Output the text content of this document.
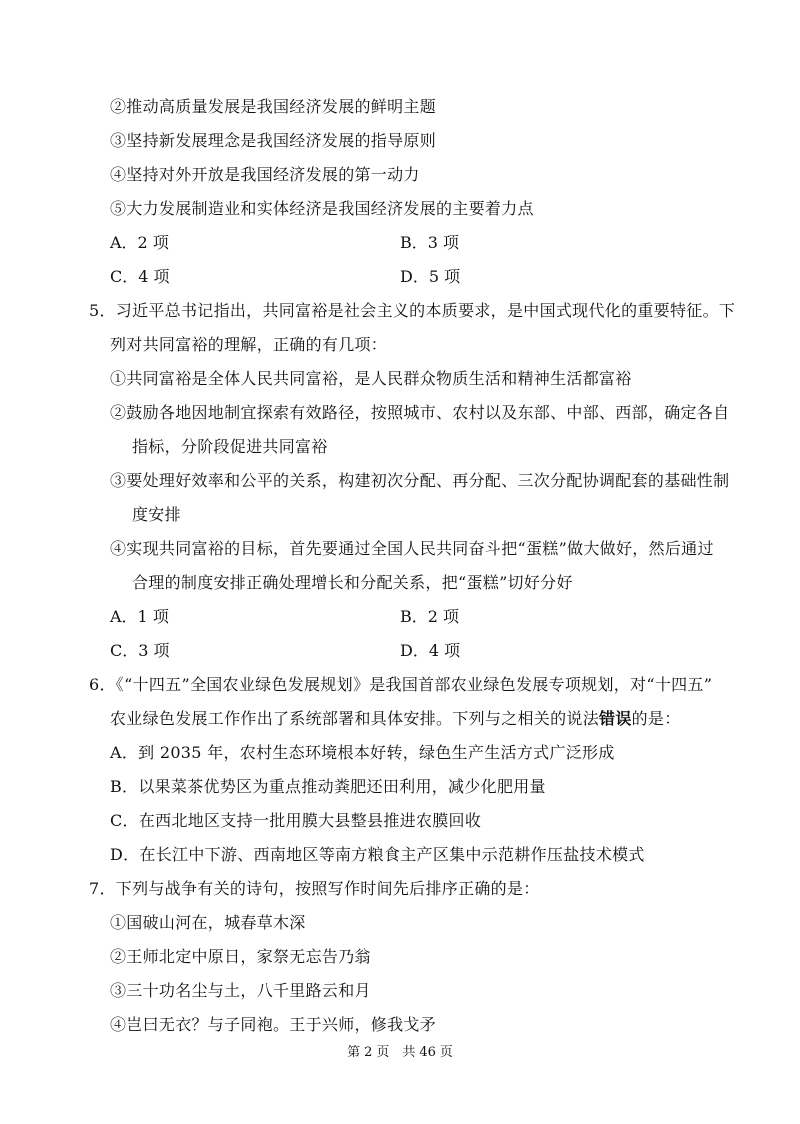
②推动高质量发展是我国经济发展的鲜明主题
③坚持新发展理念是我国经济发展的指导原则
④坚持对外开放是我国经济发展的第一动力
⑤大力发展制造业和实体经济是我国经济发展的主要着力点
A．2 项	B．3 项
C．4 项	D．5 项
5．习近平总书记指出，共同富裕是社会主义的本质要求，是中国式现代化的重要特征。下
列对共同富裕的理解，正确的有几项：
①共同富裕是全体人民共同富裕，是人民群众物质生活和精神生活都富裕
②鼓励各地因地制宜探索有效路径，按照城市、农村以及东部、中部、西部，确定各自
指标，分阶段促进共同富裕
③要处理好效率和公平的关系，构建初次分配、再分配、三次分配协调配套的基础性制
度安排
④实现共同富裕的目标，首先要通过全国人民共同奋斗把“蛋糕”做大做好，然后通过
合理的制度安排正确处理增长和分配关系，把“蛋糕”切好分好
A．1 项	B．2 项
C．3 项	D．4 项
6．《“十四五”全国农业绿色发展规划》是我国首部农业绿色发展专项规划，对“十四五”
农业绿色发展工作作出了系统部署和具体安排。下列与之相关的说法错误的是：
A．到 2035 年，农村生态环境根本好转，绿色生产生活方式广泛形成
B．以果菜茶优势区为重点推动粪肥还田利用，减少化肥用量
C．在西北地区支持一批用膜大县整县推进农膜回收
D．在长江中下游、西南地区等南方粮食主产区集中示范耕作压盐技术模式
7．下列与战争有关的诗句，按照写作时间先后排序正确的是：
①国破山河在，城春草木深
②王师北定中原日，家祭无忘告乃翁
③三十功名尘与土，八千里路云和月
④岂曰无衣？与子同袍。王于兴师，修我戈矛
第 2 页　共 46 页
